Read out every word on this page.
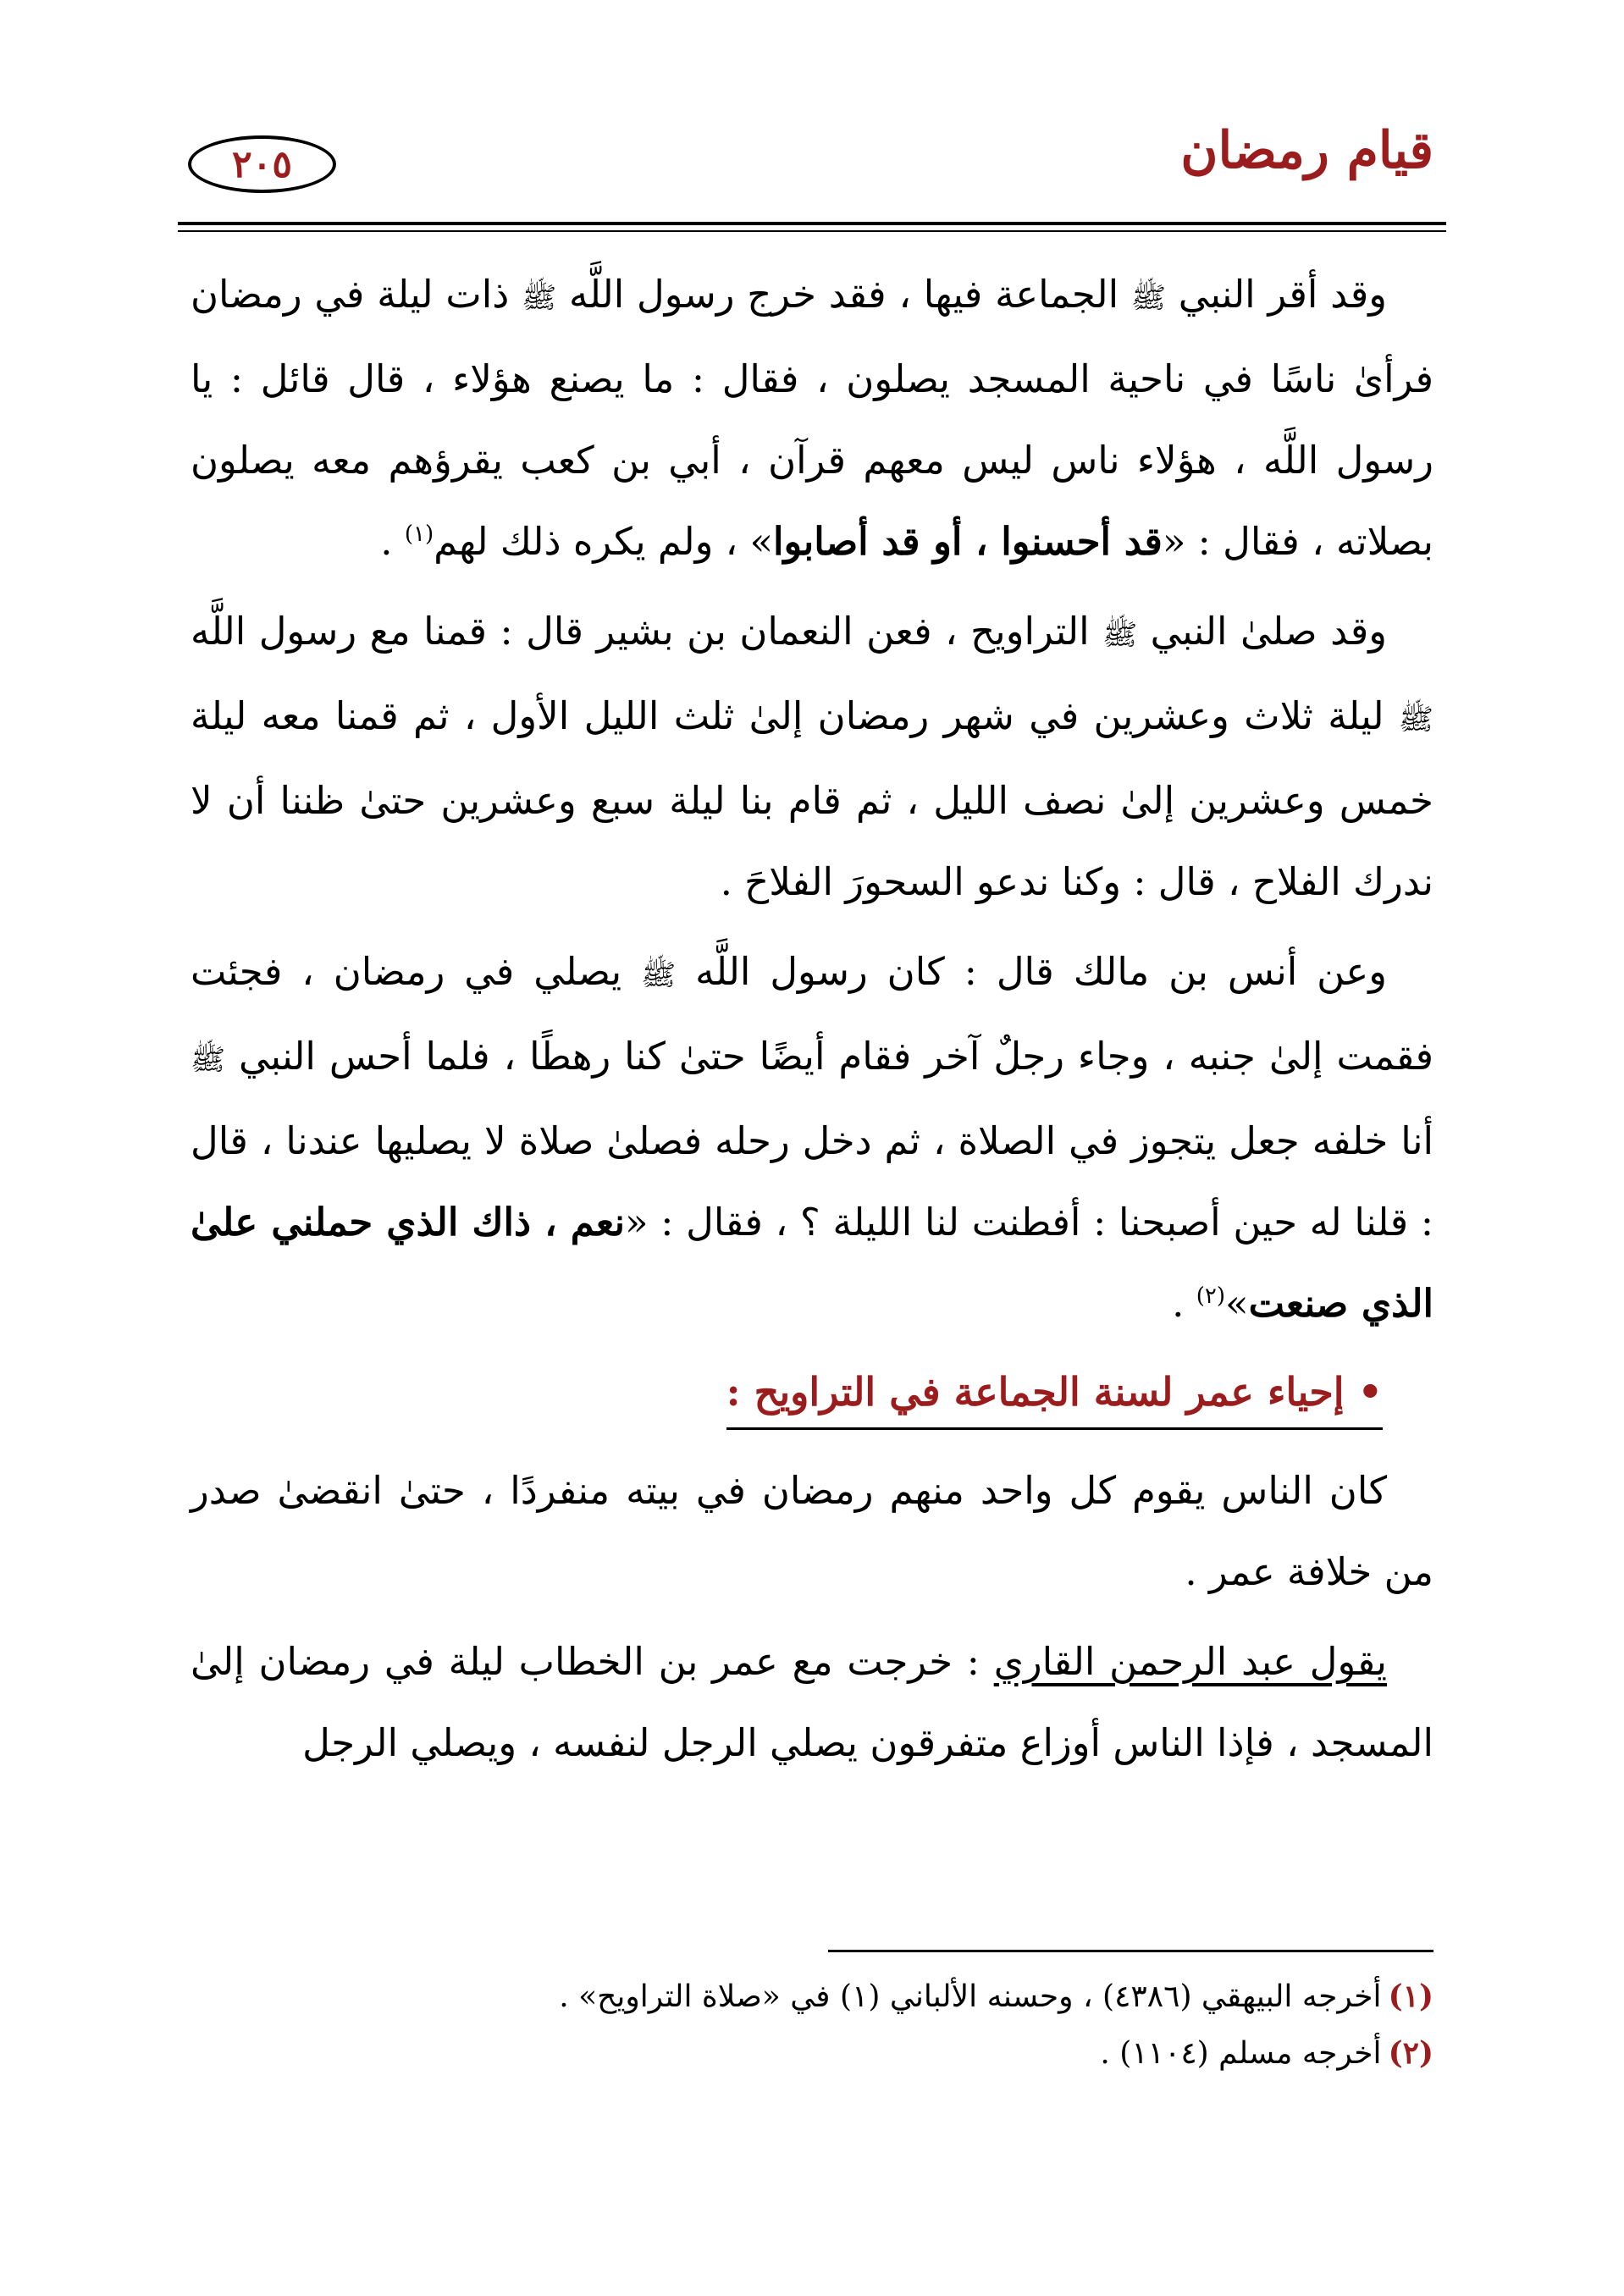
قيام رمضان
٢٠٥

وقد أقر النبي ﷺ الجماعة فيها ، فقد خرج رسول اللَّه ﷺ ذات ليلة في رمضان فرأىٰ ناسًا في ناحية المسجد يصلون ، فقال : ما يصنع هؤلاء ، قال قائل : يا رسول اللَّه ، هؤلاء ناس ليس معهم قرآن ، أبي بن كعب يقرؤهم معه يصلون بصلاته ، فقال : «قد أحسنوا ، أو قد أصابوا» ، ولم يكره ذلك لهم$^{(١)}$ .

وقد صلىٰ النبي ﷺ التراويح ، فعن النعمان بن بشير قال : قمنا مع رسول اللَّه ﷺ ليلة ثلاث وعشرين في شهر رمضان إلىٰ ثلث الليل الأول ، ثم قمنا معه ليلة خمس وعشرين إلىٰ نصف الليل ، ثم قام بنا ليلة سبع وعشرين حتىٰ ظننا أن لا ندرك الفلاح ، قال : وكنا ندعو السحورَ الفلاحَ .

وعن أنس بن مالك قال : كان رسول اللَّه ﷺ يصلي في رمضان ، فجئت فقمت إلىٰ جنبه ، وجاء رجلٌ آخر فقام أيضًا حتىٰ كنا رهطًا ، فلما أحس النبي ﷺ أنا خلفه جعل يتجوز في الصلاة ، ثم دخل رحله فصلىٰ صلاة لا يصليها عندنا ، قال : قلنا له حين أصبحنا : أفطنت لنا الليلة ؟ ، فقال : «نعم ، ذاك الذي حملني علىٰ الذي صنعت»$^{(٢)}$ .

•إحياء عمر لسنة الجماعة في التراويح :

كان الناس يقوم كل واحد منهم رمضان في بيته منفردًا ، حتىٰ انقضىٰ صدر من خلافة عمر .

يقول عبد الرحمن القاري : خرجت مع عمر بن الخطاب ليلة في رمضان إلىٰ المسجد ، فإذا الناس أوزاع متفرقون يصلي الرجل لنفسه ، ويصلي الرجل

(١)أخرجه البيهقي (٤٣٨٦) ، وحسنه الألباني (١) في «صلاة التراويح» .

(٢)أخرجه مسلم (١١٠٤) .
